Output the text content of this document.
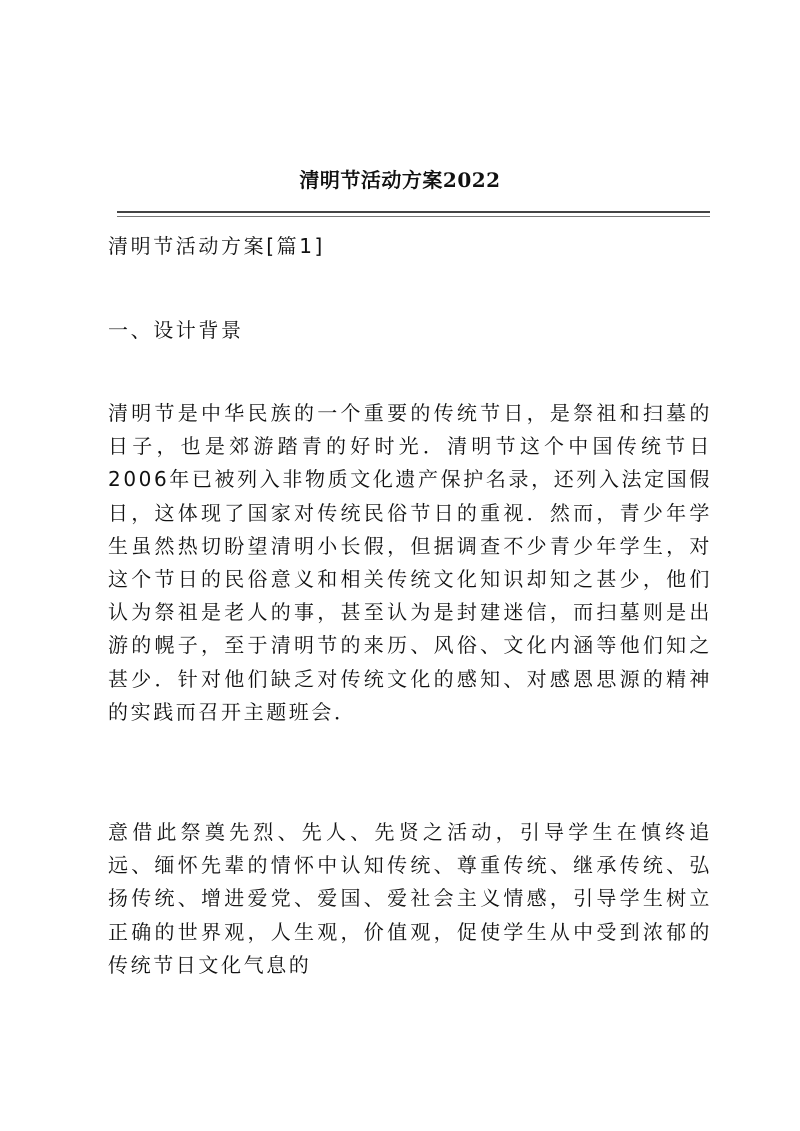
清明节活动方案2022

清明节活动方案[篇1]

一、设计背景

清明节是中华民族的一个重要的传统节日，是祭祖和扫墓的日子，也是郊游踏青的好时光．清明节这个中国传统节日2006年已被列入非物质文化遗产保护名录，还列入法定国假日，这体现了国家对传统民俗节日的重视．然而，青少年学生虽然热切盼望清明小长假，但据调查不少青少年学生，对这个节日的民俗意义和相关传统文化知识却知之甚少，他们认为祭祖是老人的事，甚至认为是封建迷信，而扫墓则是出游的幌子，至于清明节的来历、风俗、文化内涵等他们知之甚少．针对他们缺乏对传统文化的感知、对感恩思源的精神的实践而召开主题班会．

意借此祭奠先烈、先人、先贤之活动，引导学生在慎终追远、缅怀先辈的情怀中认知传统、尊重传统、继承传统、弘扬传统、增进爱党、爱国、爱社会主义情感，引导学生树立正确的世界观，人生观，价值观，促使学生从中受到浓郁的传统节日文化气息的
